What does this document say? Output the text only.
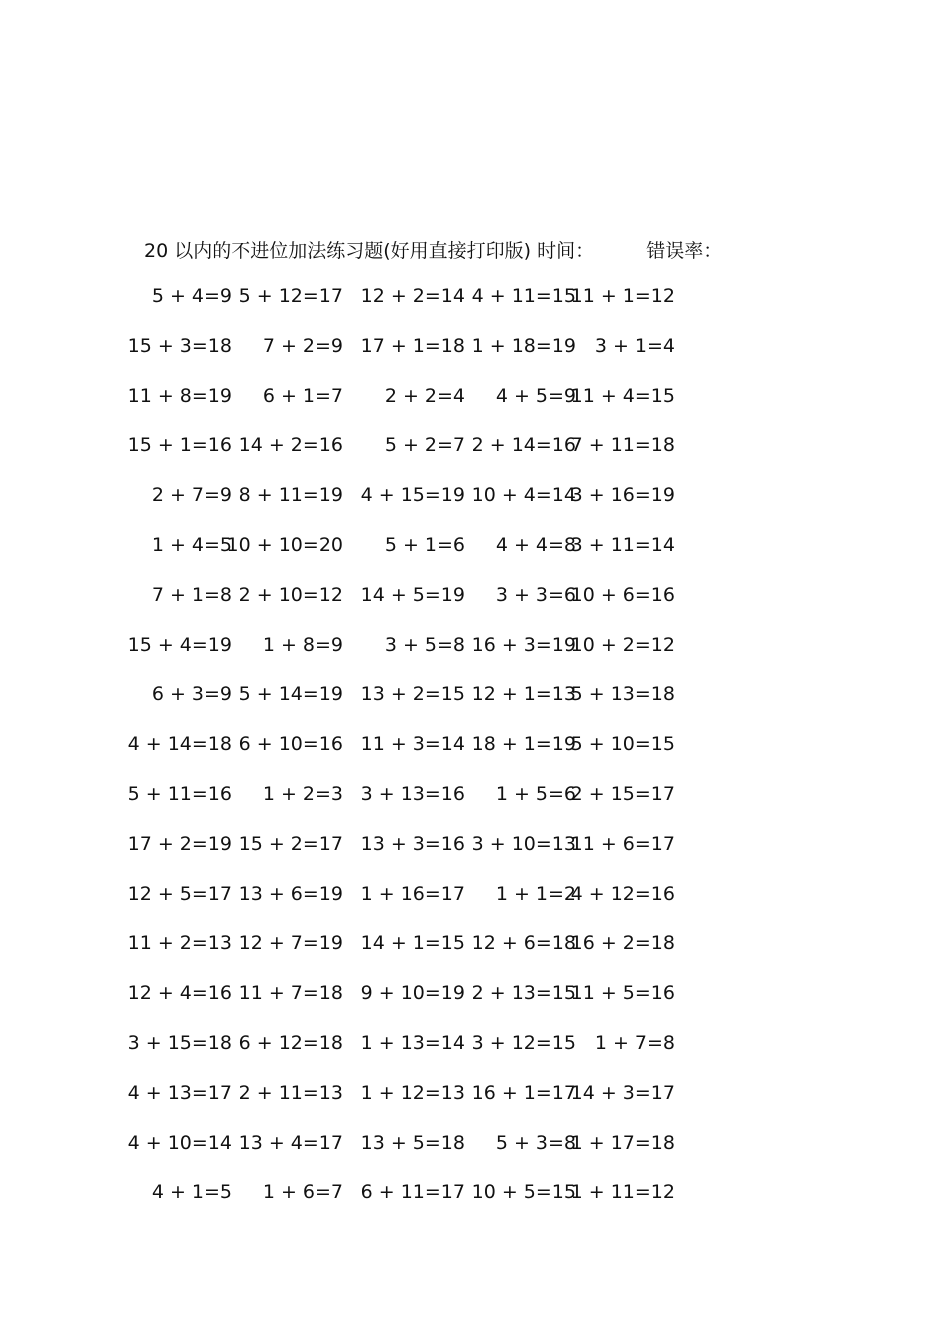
20 以内的不进位加法练习题(好用直接打印版) 时间：	错误率：
5 + 4=9 5 + 12=17 12 + 2=14 4 + 11=15
11 + 1=12
15 + 3=18 7 + 2=9 17 + 1=18 1 + 18=19 3 + 1=4
11 + 8=19 6 + 1=7 2 + 2=4 4 + 5=9
11 + 4=15
15 + 1=16 14 + 2=16 5 + 2=7 2 + 14=16
7 + 11=18
2 + 7=9 8 + 11=19 4 + 15=19 10 + 4=14
3 + 16=19
1 + 4=5
10 + 10=20 5 + 1=6 4 + 4=8
3 + 11=14
7 + 1=8 2 + 10=12 14 + 5=19 3 + 3=6
10 + 6=16
15 + 4=19 1 + 8=9 3 + 5=8 16 + 3=19
10 + 2=12
6 + 3=9 5 + 14=19 13 + 2=15 12 + 1=13
5 + 13=18
4 + 14=18 6 + 10=16 11 + 3=14 18 + 1=19
5 + 10=15
5 + 11=16 1 + 2=3 3 + 13=16 1 + 5=6
2 + 15=17
17 + 2=19 15 + 2=17 13 + 3=16 3 + 10=13
11 + 6=17
12 + 5=17 13 + 6=19 1 + 16=17 1 + 1=2
4 + 12=16
11 + 2=13 12 + 7=19 14 + 1=15 12 + 6=18
16 + 2=18
12 + 4=16 11 + 7=18 9 + 10=19 2 + 13=15
11 + 5=16
3 + 15=18 6 + 12=18 1 + 13=14 3 + 12=15 1 + 7=8
4 + 13=17 2 + 11=13 1 + 12=13 16 + 1=17
14 + 3=17
4 + 10=14 13 + 4=17 13 + 5=18 5 + 3=8
1 + 17=18
4 + 1=5 1 + 6=7 6 + 11=17 10 + 5=15
1 + 11=12
